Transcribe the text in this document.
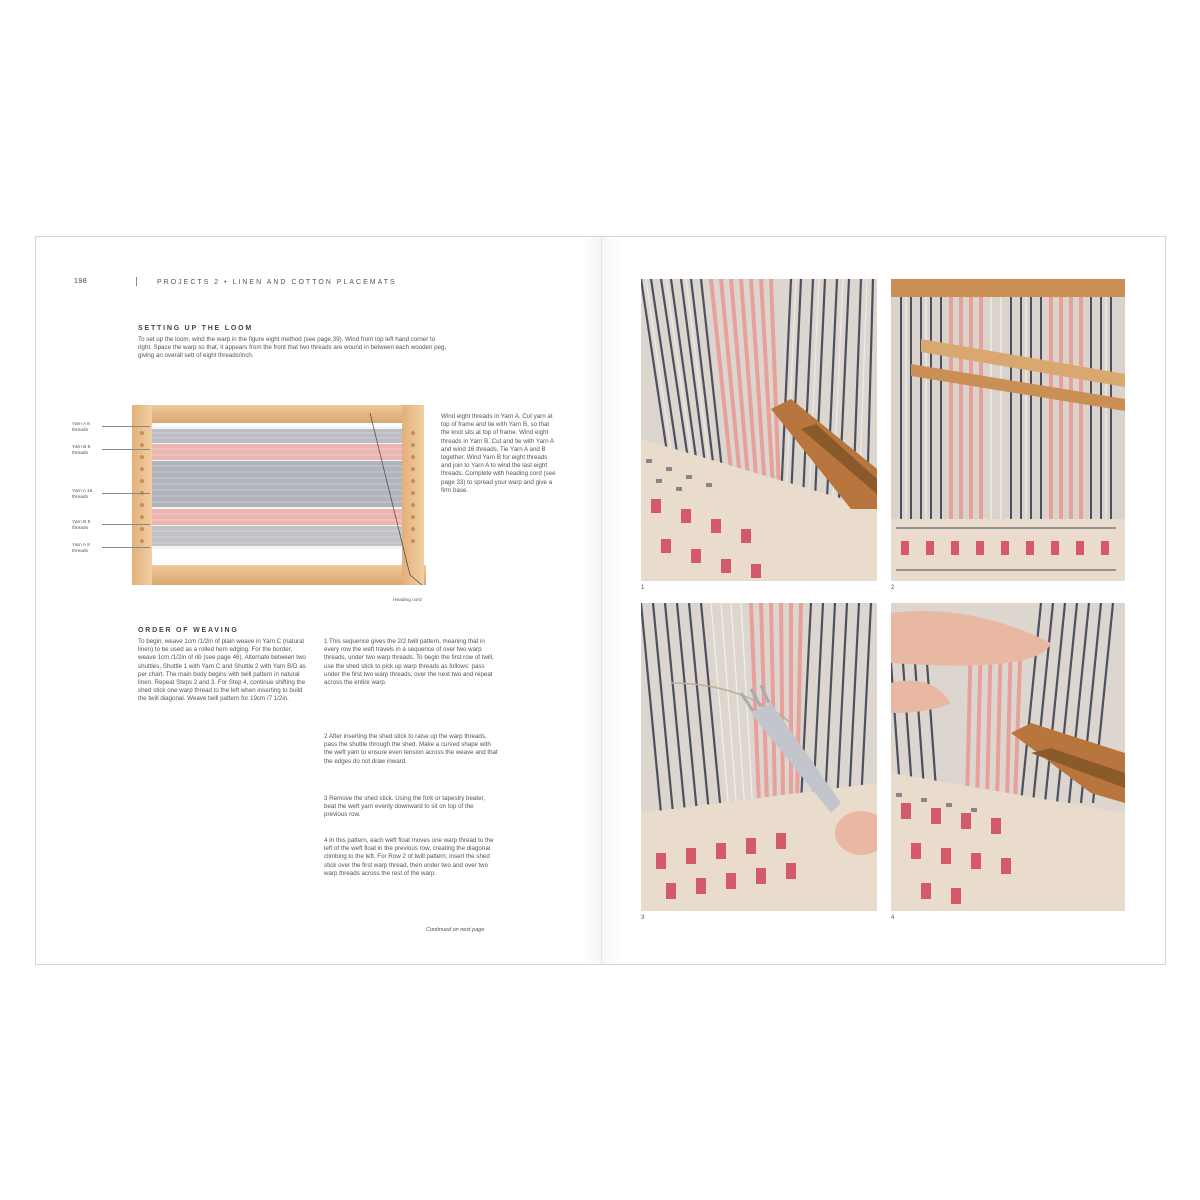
198	PROJECTS 2 • LINEN AND COTTON PLACEMATS
SETTING UP THE LOOM

To set up the loom, wind the warp in the figure eight method (see page 39). Wind from top left hand corner to right. Space the warp so that, it appears from the front that two threads are wound in between each wooden peg, giving an overall sett of eight threads/inch.

Yarn A 8 threads
Yarn B 8 threads
Yarn A 16 threads
Yarn B 8 threads
Yarn A 8 threads
Heading cord

Wind eight threads in Yarn A. Cut yarn at top of frame and tie with Yarn B, so that the knot sits at top of frame. Wind eight threads in Yarn B. Cut and tie with Yarn A and wind 16 threads. Tie Yarn A and B together. Wind Yarn B for eight threads and join to Yarn A to wind the last eight threads. Complete with heading cord (see page 33) to spread your warp and give a firm base.

ORDER OF WEAVING

To begin, weave 1cm /1/2in of plain weave in Yarn C (natural linen) to be used as a rolled hem edging. For the border, weave 1cm /1/2in of rib (see page 46). Alternate between two shuttles, Shuttle 1 with Yarn C and Shuttle 2 with Yarn B/D as per chart. The main body begins with twill pattern in natural linen. Repeat Steps 2 and 3. For Step 4, continue shifting the shed stick one warp thread to the left when inserting to build the twill diagonal. Weave twill pattern for 19cm /7 1/2in.

1 This sequence gives the 2/2 twill pattern, meaning that in every row the weft travels in a sequence of over two warp threads, under two warp threads. To begin the first row of twill, use the shed stick to pick up warp threads as follows: pass under the first two warp threads, over the next two and repeat across the entire warp.

2 After inserting the shed stick to raise up the warp threads, pass the shuttle through the shed. Make a curved shape with the weft yarn to ensure even tension across the weave and that the edges do not draw inward.

3 Remove the shed stick. Using the fork or tapestry beater, beat the weft yarn evenly downward to sit on top of the previous row.

4 In this pattern, each weft float moves one warp thread to the left of the weft float in the previous row, creating the diagonal climbing to the left. For Row 2 of twill pattern, insert the shed stick over the first warp thread, then under two and over two warp threads across the rest of the warp.

Continued on next page
1	2
3	4
